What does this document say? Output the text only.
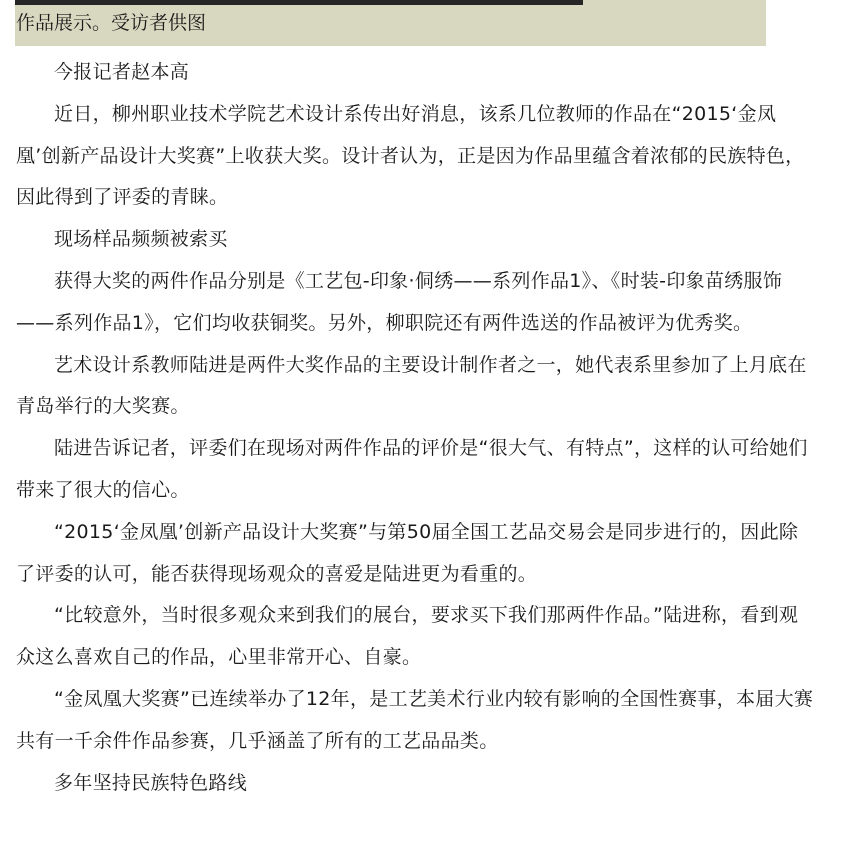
作品展示。受访者供图

今报记者赵本高

近日，柳州职业技术学院艺术设计系传出好消息，该系几位教师的作品在“2015‘金凤凰’创新产品设计大奖赛”上收获大奖。设计者认为，正是因为作品里蕴含着浓郁的民族特色，因此得到了评委的青睐。

现场样品频频被索买

获得大奖的两件作品分别是《工艺包-印象·侗绣——系列作品1》、《时装-印象苗绣服饰——系列作品1》，它们均收获铜奖。另外，柳职院还有两件选送的作品被评为优秀奖。

艺术设计系教师陆进是两件大奖作品的主要设计制作者之一，她代表系里参加了上月底在青岛举行的大奖赛。

陆进告诉记者，评委们在现场对两件作品的评价是“很大气、有特点”，这样的认可给她们带来了很大的信心。

“2015‘金凤凰’创新产品设计大奖赛”与第50届全国工艺品交易会是同步进行的，因此除了评委的认可，能否获得现场观众的喜爱是陆进更为看重的。

“比较意外，当时很多观众来到我们的展台，要求买下我们那两件作品。”陆进称，看到观众这么喜欢自己的作品，心里非常开心、自豪。

“金凤凰大奖赛”已连续举办了12年，是工艺美术行业内较有影响的全国性赛事，本届大赛共有一千余件作品参赛，几乎涵盖了所有的工艺品品类。

多年坚持民族特色路线
